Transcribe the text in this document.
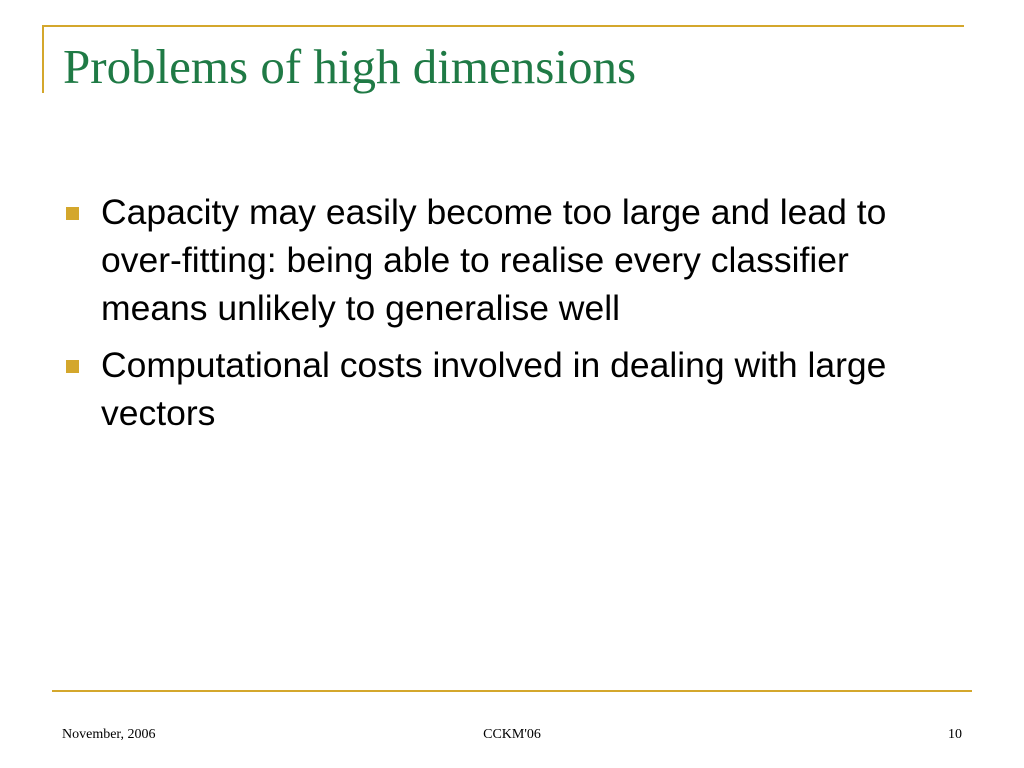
Problems of high dimensions
Capacity may easily become too large and lead to over-fitting: being able to realise every classifier means unlikely to generalise well
Computational costs involved in dealing with large vectors
November, 2006	CCKM'06	10
